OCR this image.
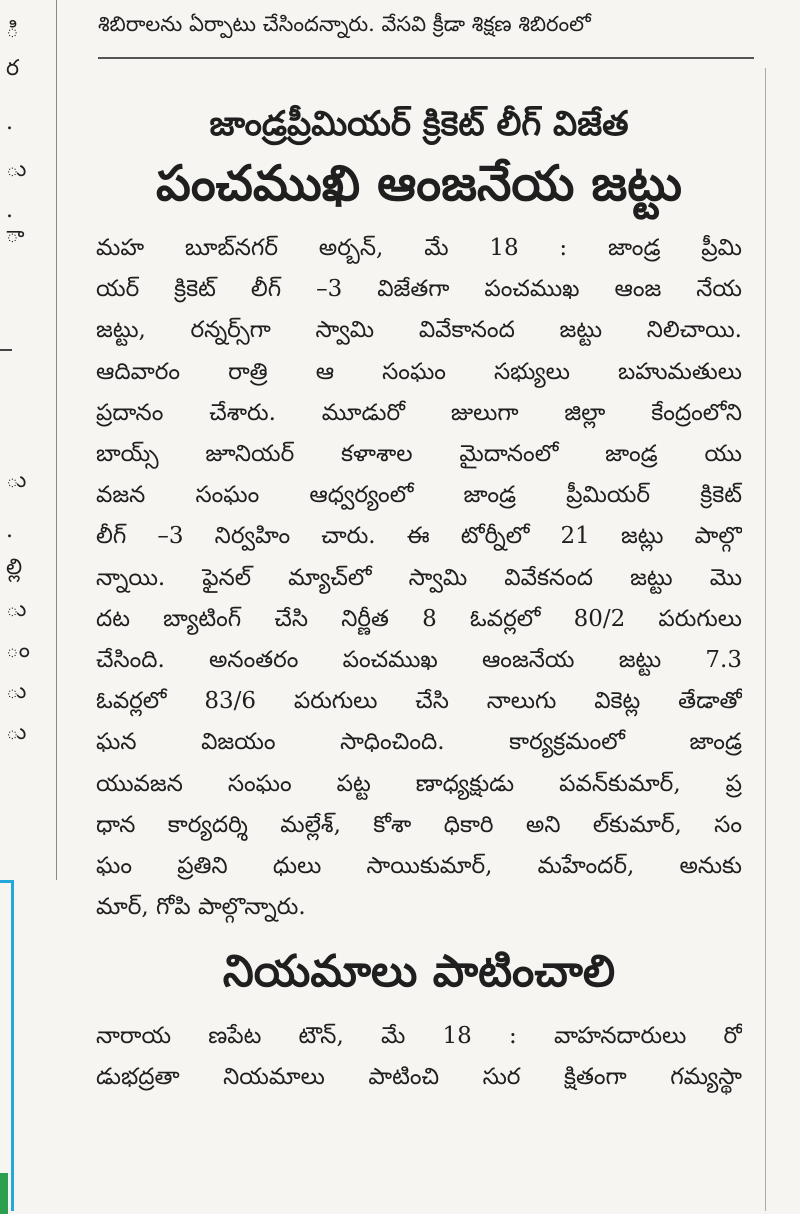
శిబిరాలను ఏర్పాటు చేసిందన్నారు. వేసవి క్రీడా శిక్షణ శిబిరంలో
ి
ర
.
ు
.
ా
ు
.
ల్లి
ు
ం
ు
ు
జాండ్రప్రీమియర్ క్రికెట్ లీగ్ విజేత
పంచముఖి ఆంజనేయ జట్టు
మహ బూబ్‌నగర్ అర్బన్, మే 18 : జాండ్ర ప్రీమి
యర్ క్రికెట్ లీగ్ –3 విజేతగా పంచముఖ ఆంజ నేయ
జట్టు, రన్నర్స్‌గా స్వామి వివేకానంద జట్టు నిలిచాయి.
ఆదివారం రాత్రి ఆ సంఘం సభ్యులు బహుమతులు
ప్రదానం చేశారు. మూడురో జులుగా జిల్లా కేంద్రంలోని
బాయ్స్ జూనియర్ కళాశాల మైదానంలో జాండ్ర యు
వజన సంఘం ఆధ్వర్యంలో జాండ్ర ప్రీమియర్ క్రికెట్
లీగ్ –3 నిర్వహిం చారు. ఈ టోర్నీలో 21 జట్లు పాల్గొ
న్నాయి. ఫైనల్ మ్యాచ్‌లో స్వామి వివేకనంద జట్టు మొ
దట బ్యాటింగ్ చేసి నిర్ణీత 8 ఓవర్లలో 80/2 పరుగులు
చేసింది. అనంతరం పంచముఖ ఆంజనేయ జట్టు 7.3
ఓవర్లలో 83/6 పరుగులు చేసి నాలుగు వికెట్ల తేడాతో
ఘన విజయం సాధించింది. కార్యక్రమంలో జాండ్ర
యువజన సంఘం పట్ట ణాధ్యక్షుడు పవన్‌కుమార్, ప్ర
ధాన కార్యదర్శి మల్లేశ్, కోశా ధికారి అని ల్‌కుమార్, సం
ఘం ప్రతిని ధులు సాయికుమార్, మహేందర్, అనుకు
మార్, గోపి పాల్గొన్నారు.
నియమాలు పాటించాలి
నారాయ ణపేట టౌన్, మే 18 : వాహనదారులు రో
డుభద్రతా నియమాలు పాటించి సుర క్షితంగా గమ్యస్థా
